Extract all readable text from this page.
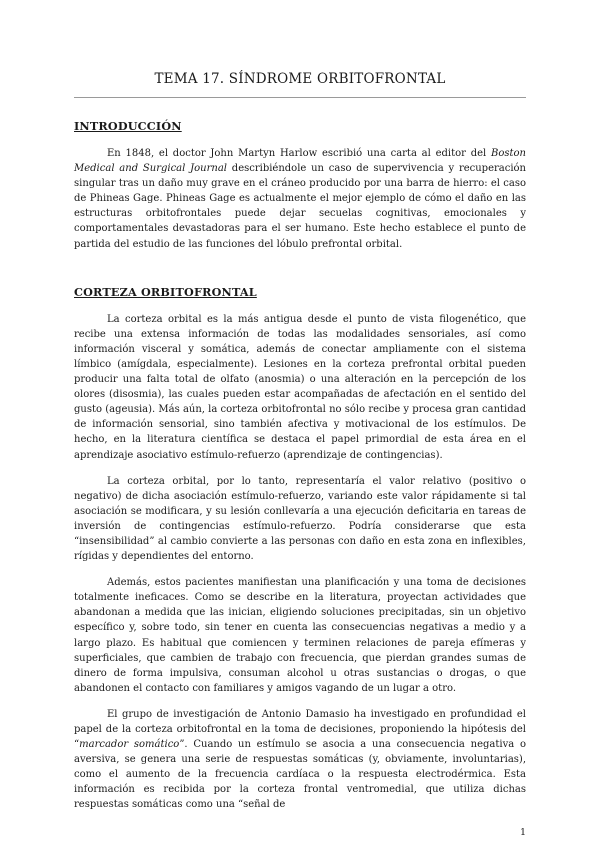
TEMA 17. SÍNDROME ORBITOFRONTAL
INTRODUCCIÓN

En 1848, el doctor John Martyn Harlow escribió una carta al editor del Boston Medical and Surgical Journal describiéndole un caso de supervivencia y recuperación singular tras un daño muy grave en el cráneo producido por una barra de hierro: el caso de Phineas Gage. Phineas Gage es actualmente el mejor ejemplo de cómo el daño en las estructuras orbitofrontales puede dejar secuelas cognitivas, emocionales y comportamentales devastadoras para el ser humano. Este hecho establece el punto de partida del estudio de las funciones del lóbulo prefrontal orbital.

CORTEZA ORBITOFRONTAL

La corteza orbital es la más antigua desde el punto de vista filogenético, que recibe una extensa información de todas las modalidades sensoriales, así como información visceral y somática, además de conectar ampliamente con el sistema límbico (amígdala, especialmente). Lesiones en la corteza prefrontal orbital pueden producir una falta total de olfato (anosmia) o una alteración en la percepción de los olores (disosmia), las cuales pueden estar acompañadas de afectación en el sentido del gusto (ageusia). Más aún, la corteza orbitofrontal no sólo recibe y procesa gran cantidad de información sensorial, sino también afectiva y motivacional de los estímulos. De hecho, en la literatura científica se destaca el papel primordial de esta área en el aprendizaje asociativo estímulo-refuerzo (aprendizaje de contingencias).

La corteza orbital, por lo tanto, representaría el valor relativo (positivo o negativo) de dicha asociación estímulo-refuerzo, variando este valor rápidamente si tal asociación se modificara, y su lesión conllevaría a una ejecución deficitaria en tareas de inversión de contingencias estímulo-refuerzo. Podría considerarse que esta “insensibilidad” al cambio convierte a las personas con daño en esta zona en inflexibles, rígidas y dependientes del entorno.

Además, estos pacientes manifiestan una planificación y una toma de decisiones totalmente ineficaces. Como se describe en la literatura, proyectan actividades que abandonan a medida que las inician, eligiendo soluciones precipitadas, sin un objetivo específico y, sobre todo, sin tener en cuenta las consecuencias negativas a medio y a largo plazo. Es habitual que comiencen y terminen relaciones de pareja efímeras y superficiales, que cambien de trabajo con frecuencia, que pierdan grandes sumas de dinero de forma impulsiva, consuman alcohol u otras sustancias o drogas, o que abandonen el contacto con familiares y amigos vagando de un lugar a otro.

El grupo de investigación de Antonio Damasio ha investigado en profundidad el papel de la corteza orbitofrontal en la toma de decisiones, proponiendo la hipótesis del “marcador somático”. Cuando un estímulo se asocia a una consecuencia negativa o aversiva, se genera una serie de respuestas somáticas (y, obviamente, involuntarias), como el aumento de la frecuencia cardíaca o la respuesta electrodérmica. Esta información es recibida por la corteza frontal ventromedial, que utiliza dichas respuestas somáticas como una “señal de

1
